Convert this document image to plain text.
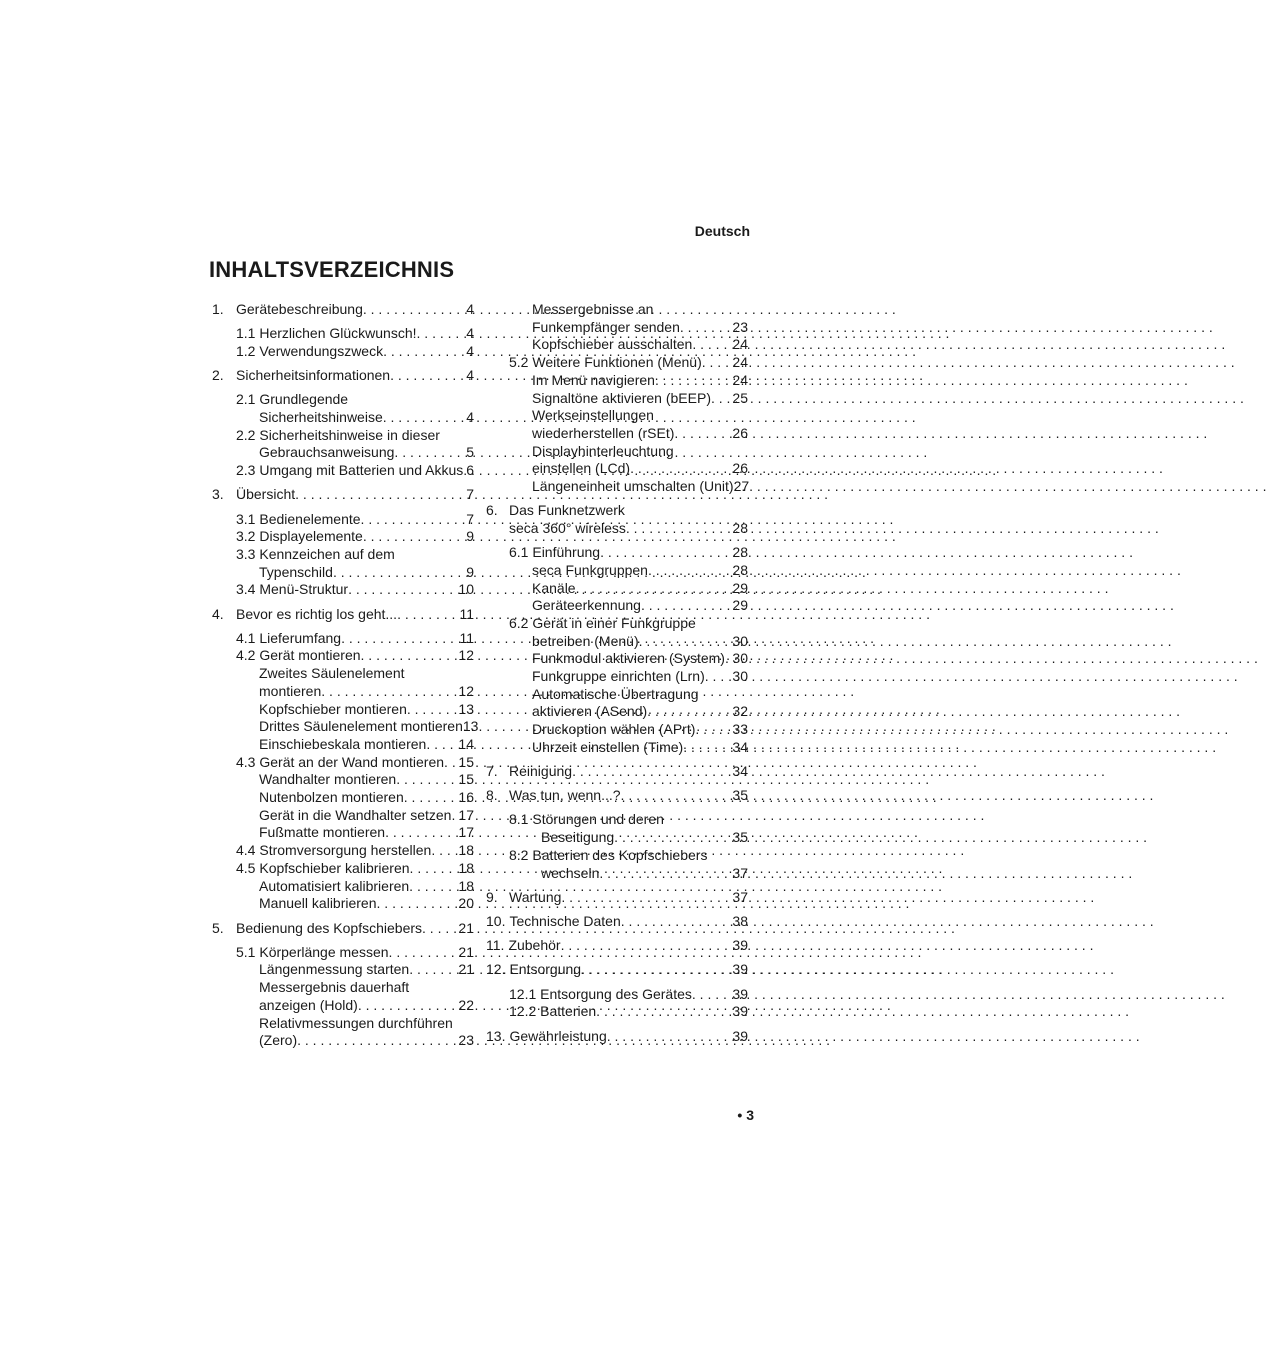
Deutsch

INHALTSVERZEICHNIS
1. Gerätebeschreibung . . .	4
1.1 Herzlichen Glückwunsch! . . .	4
1.2 Verwendungszweck . . .	4
2. Sicherheitsinformationen . . .	4
2.1 Grundlegende
Sicherheitshinweise . . .	4
2.2 Sicherheitshinweise in dieser
Gebrauchsanweisung . . .	5
2.3 Umgang mit Batterien und Akkus . . . 6
3. Übersicht . . .	7
3.1 Bedienelemente . . .	7
3.2 Displayelemente . . .	9
3.3 Kennzeichen auf dem
Typenschild . . .	9
3.4 Menü-Struktur . . .	10
4. Bevor es richtig los geht... . . .	11
4.1 Lieferumfang . . .	11
4.2 Gerät montieren . . .	12
Zweites Säulenelement
montieren . . .	12
Kopfschieber montieren . . .	13
Drittes Säulenelement montieren 13
Einschiebeskala montieren . . . 14
4.3 Gerät an der Wand montieren . . . 15
Wandhalter montieren . . .	15
Nutenbolzen montieren . . .	16
Gerät in die Wandhalter setzen . . . 17
Fußmatte montieren . . .	17
4.4 Stromversorgung herstellen . . . 18
4.5 Kopfschieber kalibrieren . . .	18
Automatisiert kalibrieren . . .	18
Manuell kalibrieren . . .	20
5. Bedienung des Kopfschiebers . . .	21
5.1 Körperlänge messen . . .	21
Längenmessung starten . . .	21
Messergebnis dauerhaft
anzeigen (Hold) . . .	22
Relativmessungen durchführen
(Zero) . . .	23
Messergebnisse an
Funkempfänger senden . . .	23
Kopfschieber ausschalten . . .	24
5.2 Weitere Funktionen (Menü) . . . 24
Im Menü navigieren . . .	24
Signaltöne aktivieren (bEEP) . . . 25
Werkseinstellungen
wiederherstellen (rSEt) . . .	26
Displayhinterleuchtung
einstellen (LCd) . . .	26
Längeneinheit umschalten (Unit) 27
6. Das Funknetzwerk
seca 360° wireless . . .	28
6.1 Einführung . . .	28
seca Funkgruppen . . .	28
Kanäle . . .	29
Geräteerkennung . . .	29
6.2 Gerät in einer Funkgruppe
betreiben (Menü) . . .	30
Funkmodul aktivieren (System) . . . 30
Funkgruppe einrichten (Lrn) . . . 30
Automatische Übertragung
aktivieren (ASend) . . .	32
Druckoption wählen (APrt) . . .	33
Uhrzeit einstellen (Time) . . .	34
7. Reinigung . . .	34
8. Was tun, wenn...? . . .	35
8.1 Störungen und deren
Beseitigung . . .	35
8.2 Batterien des Kopfschiebers
wechseln . . .	37
9. Wartung . . .	37
10. Technische Daten . . .	38
11. Zubehör . . .	39
12. Entsorgung . . .	39
12.1 Entsorgung des Gerätes . . .	39
12.2 Batterien . . .	39
13. Gewährleistung . . .	39

• 3
